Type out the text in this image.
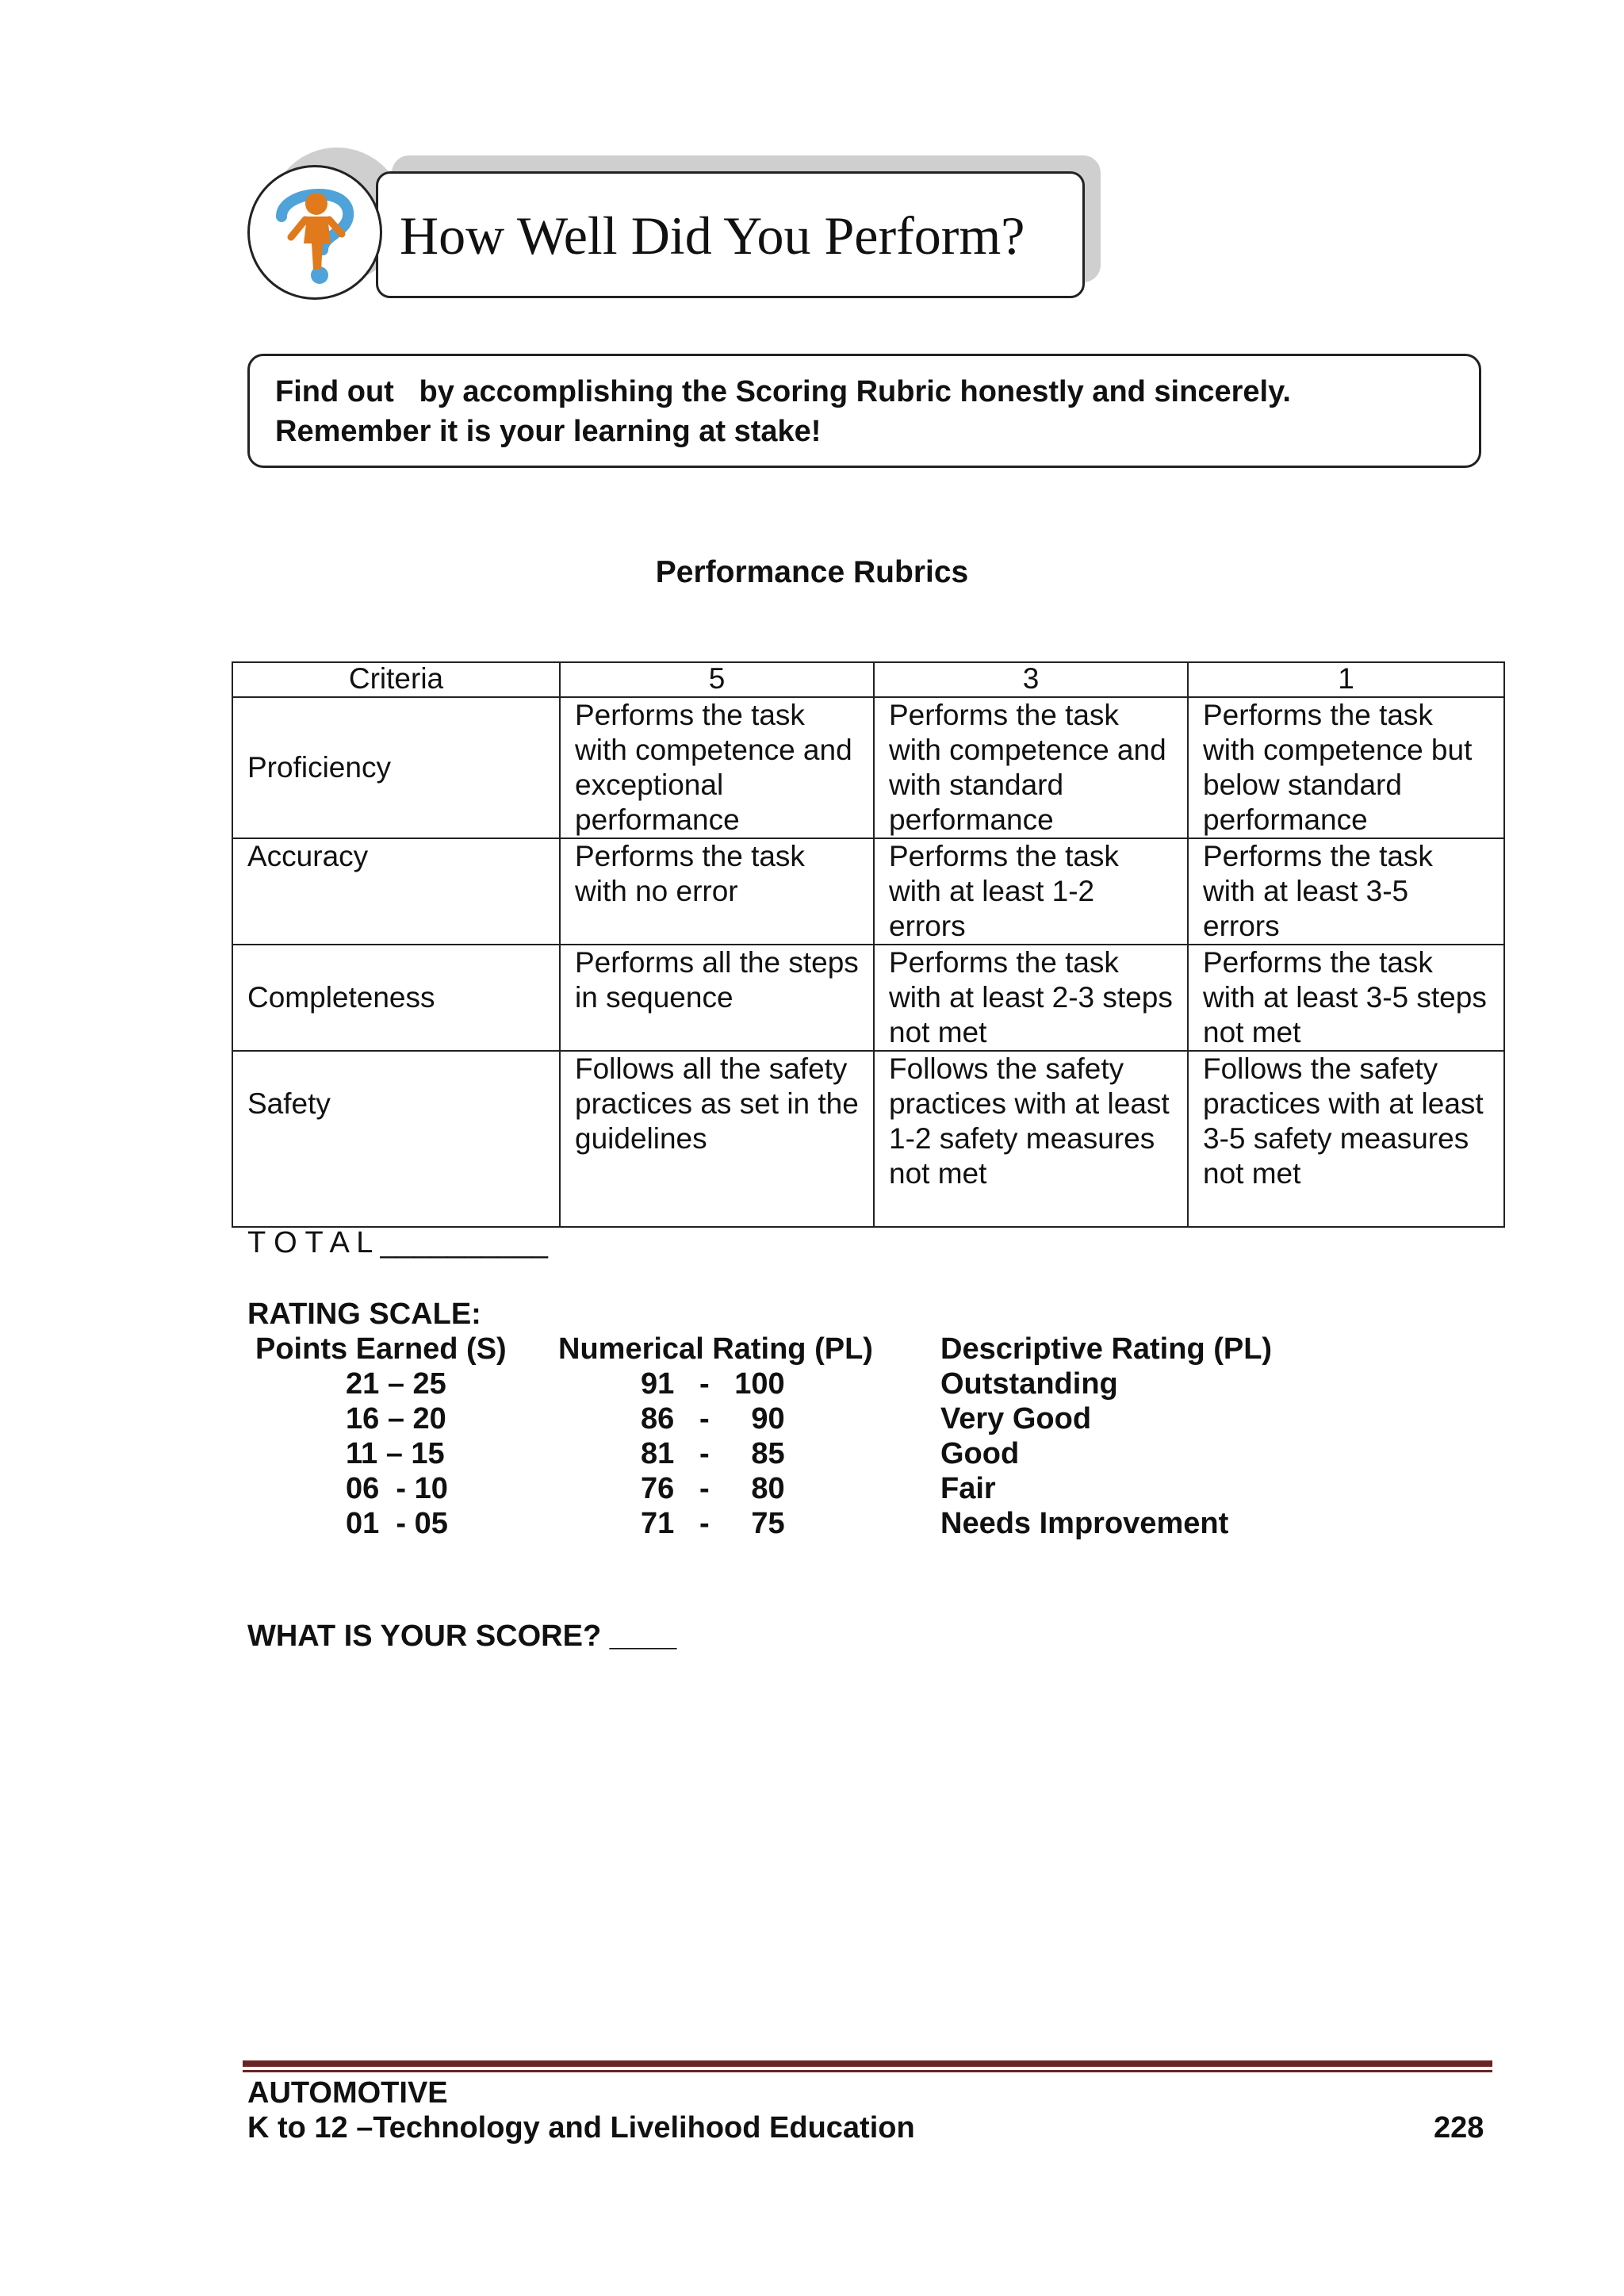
How Well Did You Perform?

Find out   by accomplishing the Scoring Rubric honestly and sincerely.

Remember it is your learning at stake!

Performance Rubrics
Criteria	5	3	1
Proficiency	Performs the task with competence and exceptional performance	Performs the task with competence and with standard performance	Performs the task with competence but below standard performance
Accuracy	Performs the task with no error	Performs the task with at least 1-2 errors	Performs the task with at least 3-5 errors
Completeness	Performs all the steps in sequence	Performs the task with at least 2-3 steps not met	Performs the task with at least 3-5 steps not met
Safety	Follows all the safety practices as set in the guidelines	Follows the safety practices with at least 1-2 safety measures not met	Follows the safety practices with at least 3-5 safety measures not met
T O T A L __________
RATING SCALE:
Points Earned (S) Numerical Rating (PL) Descriptive Rating (PL)
21 – 25	91   -   100	Outstanding
16 – 20	86   -     90	Very Good
11 – 15	81   -     85	Good
06  - 10	76   -     80	Fair
01  - 05	71   -     75	Needs Improvement
WHAT IS YOUR SCORE? ____
AUTOMOTIVE
K to 12 –Technology and Livelihood Education	228
